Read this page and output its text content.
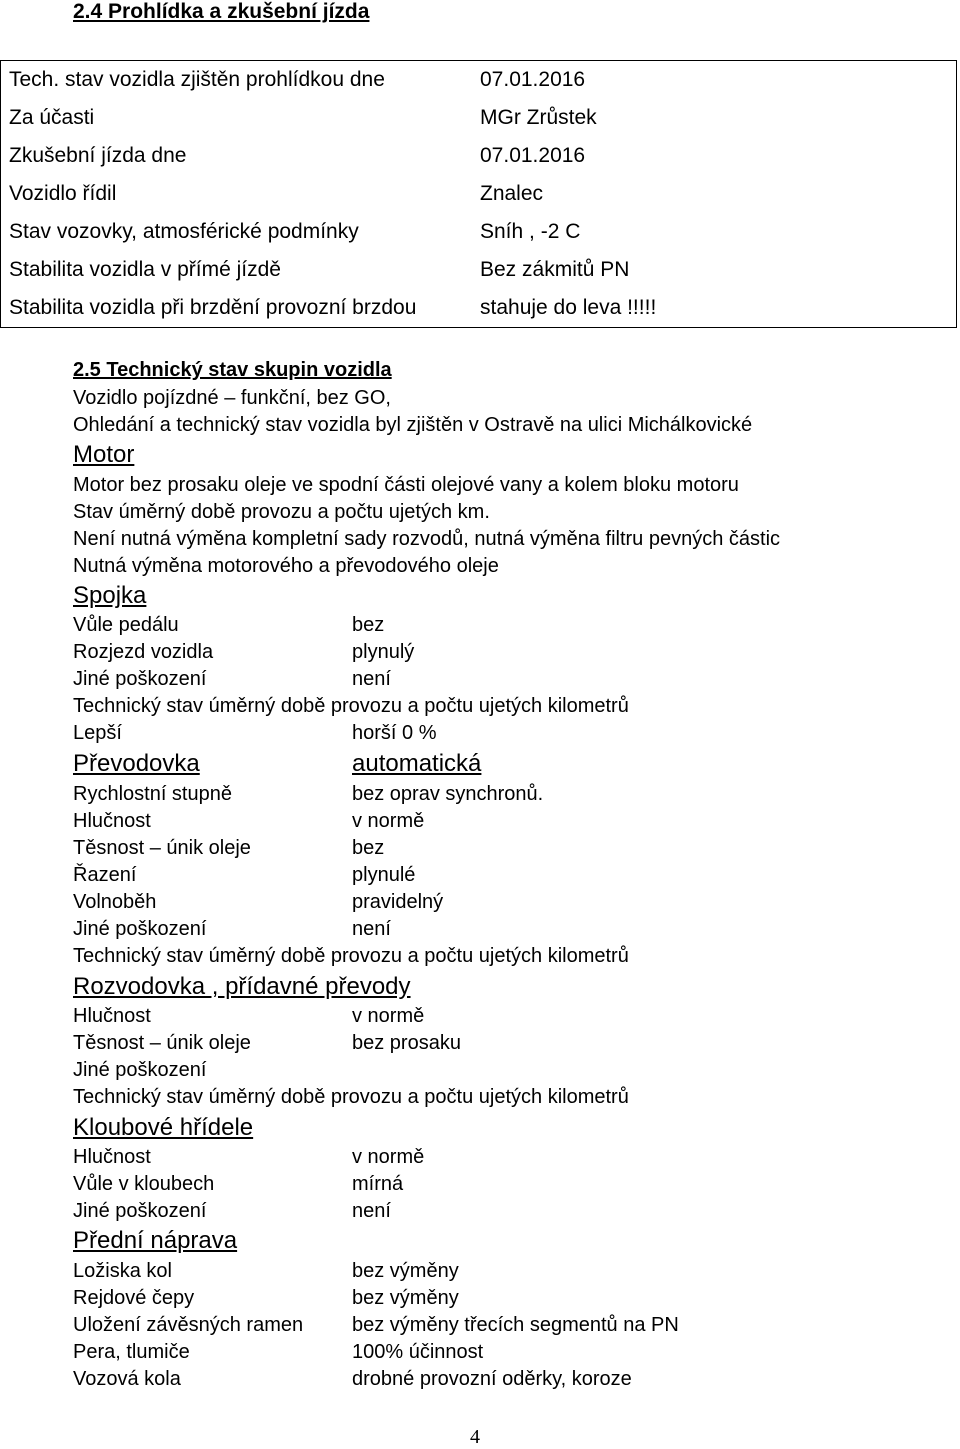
2.4 Prohlídka a zkušební jízda
Tech. stav vozidla zjištěn prohlídkou dne	07.01.2016
Za účasti	MGr Zrůstek
Zkušební jízda dne	07.01.2016
Vozidlo řídil	Znalec
Stav vozovky, atmosférické podmínky	Sníh , -2 C
Stabilita vozidla v přímé jízdě	Bez zákmitů PN
Stabilita vozidla při brzdění provozní brzdou	stahuje do leva !!!!!
2.5 Technický stav skupin vozidla
Vozidlo pojízdné – funkční, bez GO,
Ohledání a technický stav vozidla byl zjištěn v Ostravě na ulici Michálkovické
Motor
Motor bez prosaku oleje ve spodní části olejové vany a kolem bloku motoru
Stav úměrný době provozu a počtu ujetých km.
Není nutná výměna kompletní sady rozvodů, nutná výměna filtru pevných částic
Nutná výměna motorového a převodového oleje
Spojka
Vůle pedálu	bez
Rozjezd vozidla	plynulý
Jiné poškození	není
Technický stav úměrný době provozu a počtu ujetých kilometrů
Lepší	horší 0 %
Převodovka	automatická
Rychlostní stupně	bez oprav synchronů.
Hlučnost	v normě
Těsnost – únik oleje	bez
Řazení	plynulé
Volnoběh	pravidelný
Jiné poškození	není
Technický stav úměrný době provozu a počtu ujetých kilometrů
Rozvodovka , přídavné převody
Hlučnost	v normě
Těsnost – únik oleje	bez prosaku
Jiné poškození
Technický stav úměrný době provozu a počtu ujetých kilometrů
Kloubové hřídele
Hlučnost	v normě
Vůle v kloubech	mírná
Jiné poškození	není
Přední náprava
Ložiska kol	bez výměny
Rejdové čepy	bez výměny
Uložení závěsných ramen bez výměny třecích segmentů na PN
Pera, tlumiče	100% účinnost
Vozová kola	drobné provozní oděrky, koroze
4
